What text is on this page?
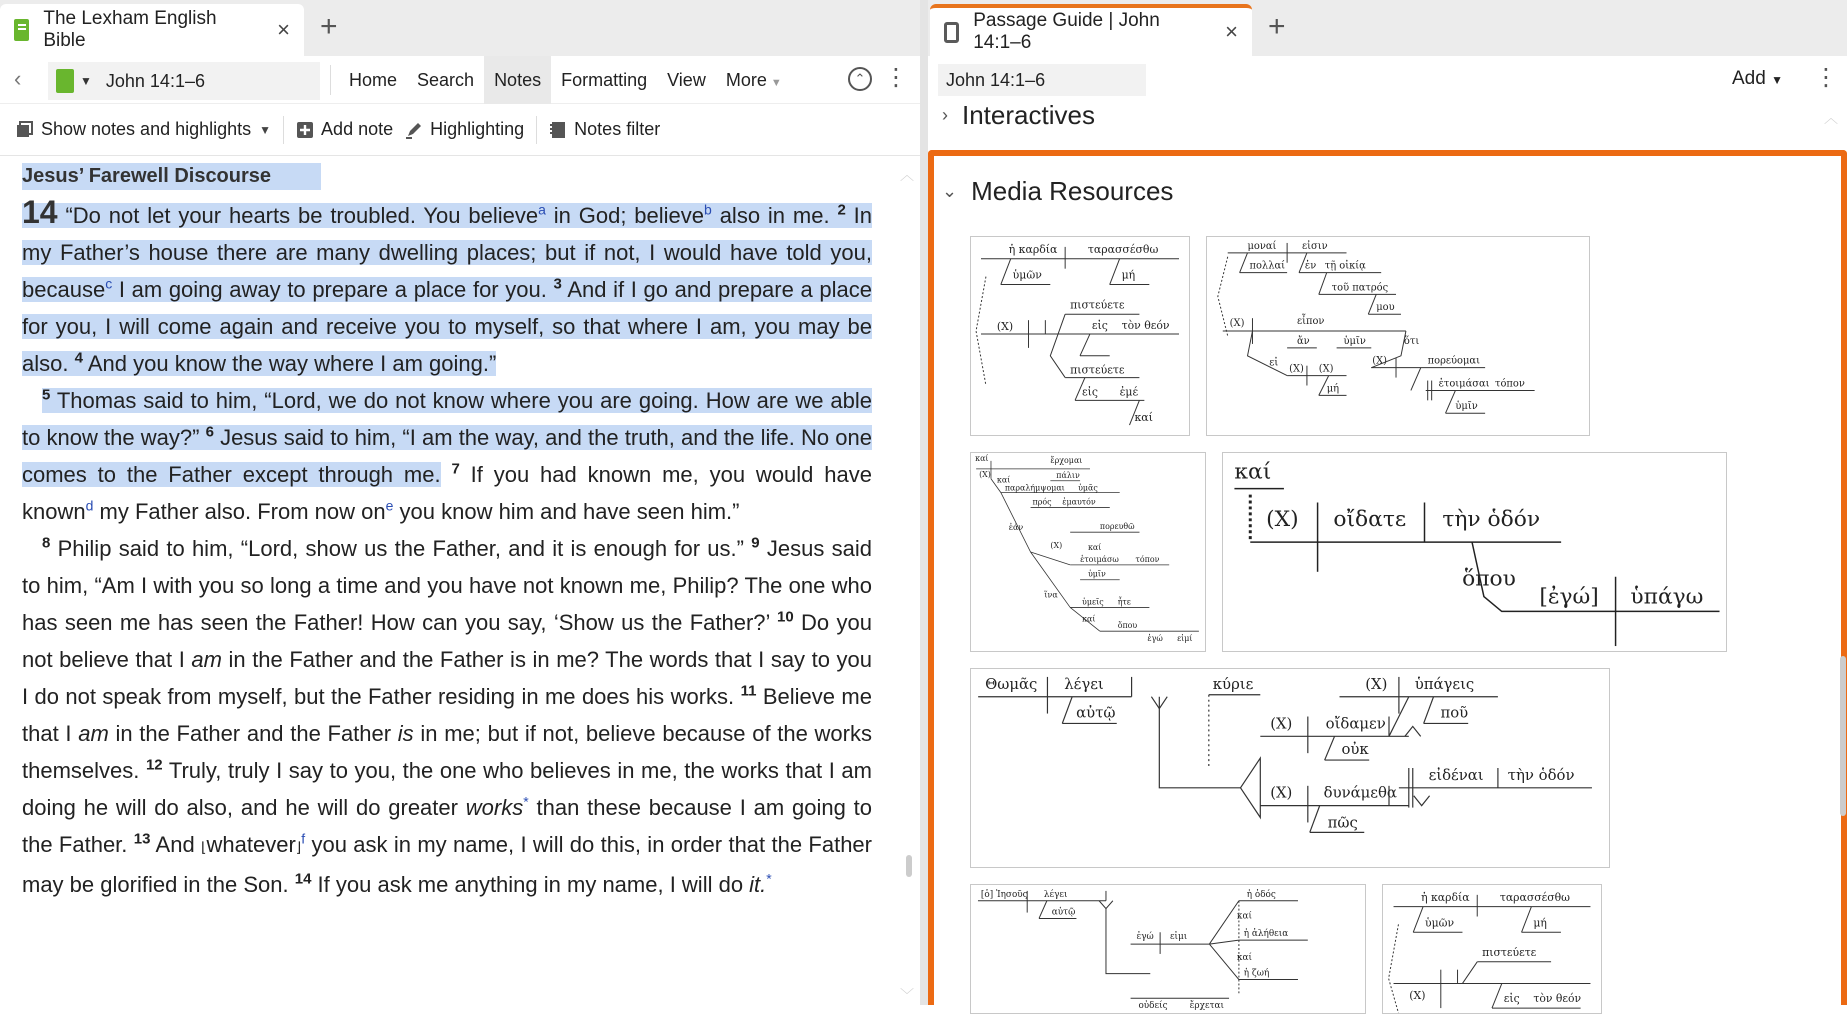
The Lexham English Bible	× +
‹	▼ John 14:1–6	Home	Search	Notes	Formatting	View	More ▼	⌃ ⋮
Show notes and highlights ▼	Add note Highlighting	Notes filter
Jesus’ Farewell Discourse
14 “Do not let your hearts be troubled. You believe$^a$ in God; believe$^b$ also in me. $^2$ In my Father’s house there are many dwelling places; but if not, I would have told you, because$^c$ I am going away to prepare a place for you. $^3$ And if I go and prepare a place for you, I will come again and receive you to myself, so that where I am, you may be also. $^4$ And you know the way where I am going.”
$^5$ Thomas said to him, “Lord, we do not know where you are going. How are we able to know the way?” $^6$ Jesus said to him, “I am the way, and the truth, and the life. No one comes to the Father except through me. $^7$ If you had known me, you would have known$^d$ my Father also. From now on$^e$ you know him and have seen him.”
$^8$ Philip said to him, “Lord, show us the Father, and it is enough for us.” $^9$ Jesus said to him, “Am I with you so long a time and you have not known me, Philip? The one who has seen me has seen the Father! How can you say, ‘Show us the Father?’ $^{10}$ Do you not believe that I am in the Father and the Father is in me? The words that I say to you I do not speak from myself, but the Father residing in me does his works. $^{11}$ Believe me that I am in the Father and the Father is in me; but if not, believe because of the works themselves. $^{12}$ Truly, truly I say to you, the one who believes in me, the works that I am doing he will do also, and he will do greater works* than these because I am going to the Father. $^{13}$ And ⌊whatever⌋$^f$ you ask in my name, I will do this, in order that the Father may be glorified in the Son. $^{14}$ If you ask me anything in my name, I will do it.*
︿
﹀
Passage Guide | John 14:1–6	× +
John 14:1–6	Add ▼ ⋮
› Interactives	︿
⌄ Media Resources
ἡ καρδία	ταρασσέσθω
ὑμῶν	μή
(X)
πιστεύετε
εἰς τὸν θεόν
πιστεύετε
εἰς ἐμέ
καί
μοναί	εἰσιν
πολλαί ἐν τῇ οἰκίᾳ
τοῦ πατρός
μου
(X)	εἶπον
ἄν	ὑμῖν	ὅτι
εἰ
(X) (X)
μή
(X)	πορεύομαι
ἑτοιμάσαι τόπον
ὑμῖν
καί	ἔρχομαι
(X)	πάλιν
καί
παραλήμψομαι ὑμᾶς
πρός ἐμαυτόν
ἐάν	πορευθῶ
(X)	καί
ἑτοιμάσω τόπον
ὑμῖν
ἵνα
ὑμεῖς ἦτε
καί
ὅπου
ἐγώ εἰμί
καί
(X) οἴδατε τὴν ὁδόν
ὅπου
[ἐγώ] ὑπάγω
Θωμᾶς λέγει
αὐτῷ
κύριε	(X) ὑπάγεις
ποῦ
(X) οἴδαμεν
οὐκ
εἰδέναι τὴν ὁδόν
(X) δυνάμεθα
πῶς
[ὁ] Ἰησοῦς λέγει
αὐτῷ
ἡ ὁδός
καί
ἡ ἀλήθεια
ἐγώ εἰμι
καί
ἡ ζωή
οὐδείς ἔρχεται
ἡ καρδία	ταρασσέσθω
ὑμῶν	μή
πιστεύετε
(X)	εἰς τὸν θεόν
